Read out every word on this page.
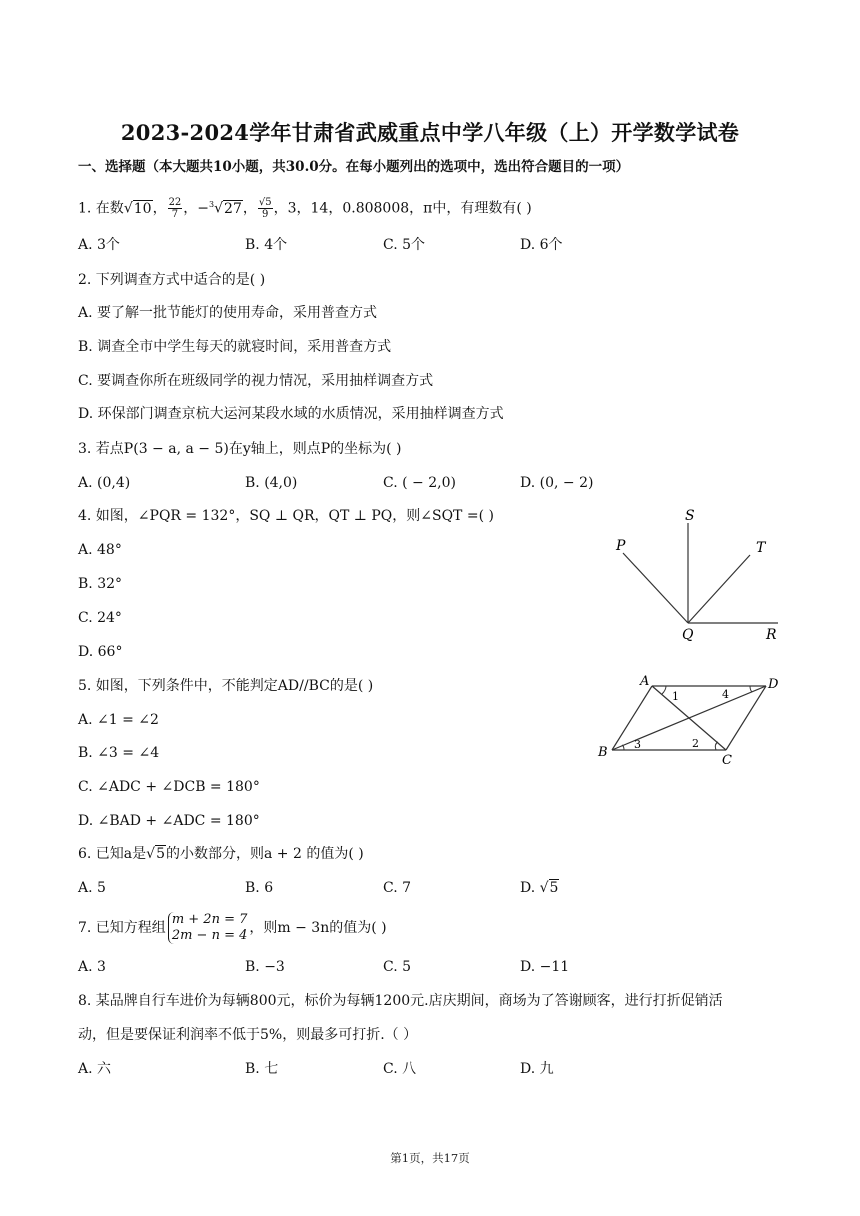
2023-2024学年甘肃省武威重点中学八年级（上）开学数学试卷
一、选择题（本大题共10小题，共30.0分。在每小题列出的选项中，选出符合题目的一项）
1. 在数√10， $\frac{22}{7}$ ，−$^3$√27， $\frac{√5}{9}$ ，3，14，0.808008，π中，有理数有( )
A. 3个	B. 4个	C. 5个	D. 6个
2. 下列调查方式中适合的是( )
A. 要了解一批节能灯的使用寿命，采用普查方式
B. 调查全市中学生每天的就寝时间，采用普查方式
C. 要调查你所在班级同学的视力情况，采用抽样调查方式
D. 环保部门调查京杭大运河某段水域的水质情况，采用抽样调查方式
3. 若点P(3 − a, a − 5)在y轴上，则点P的坐标为( )
A. (0,4)	B. (4,0)	C. ( − 2,0)	D. (0, − 2)
4. 如图，∠PQR = 132°，SQ ⊥ QR，QT ⊥ PQ，则∠SQT =( )
A. 48°
B. 32°
C. 24°
D. 66°
P
S
T
Q	R
5. 如图，下列条件中，不能判定AD//BC的是( )
A. ∠1 = ∠2
B. ∠3 = ∠4
C. ∠ADC + ∠DCB = 180°
D. ∠BAD + ∠ADC = 180°
A	D
B
C
1
2
3
4
6. 已知a是√5的小数部分，则a + 2 的值为( )
A. 5	B. 6	C. 7	D. √5
7. 已知方程组
m + 2n = 7
2m − n = 4 ，则m − 3n的值为( )
A. 3	B. −3	C. 5	D. −11
8. 某品牌自行车进价为每辆800元，标价为每辆1200元.店庆期间，商场为了答谢顾客，进行打折促销活
动，但是要保证利润率不低于5%，则最多可打折.（ ）
A. 六	B. 七	C. 八	D. 九
第1页，共17页
